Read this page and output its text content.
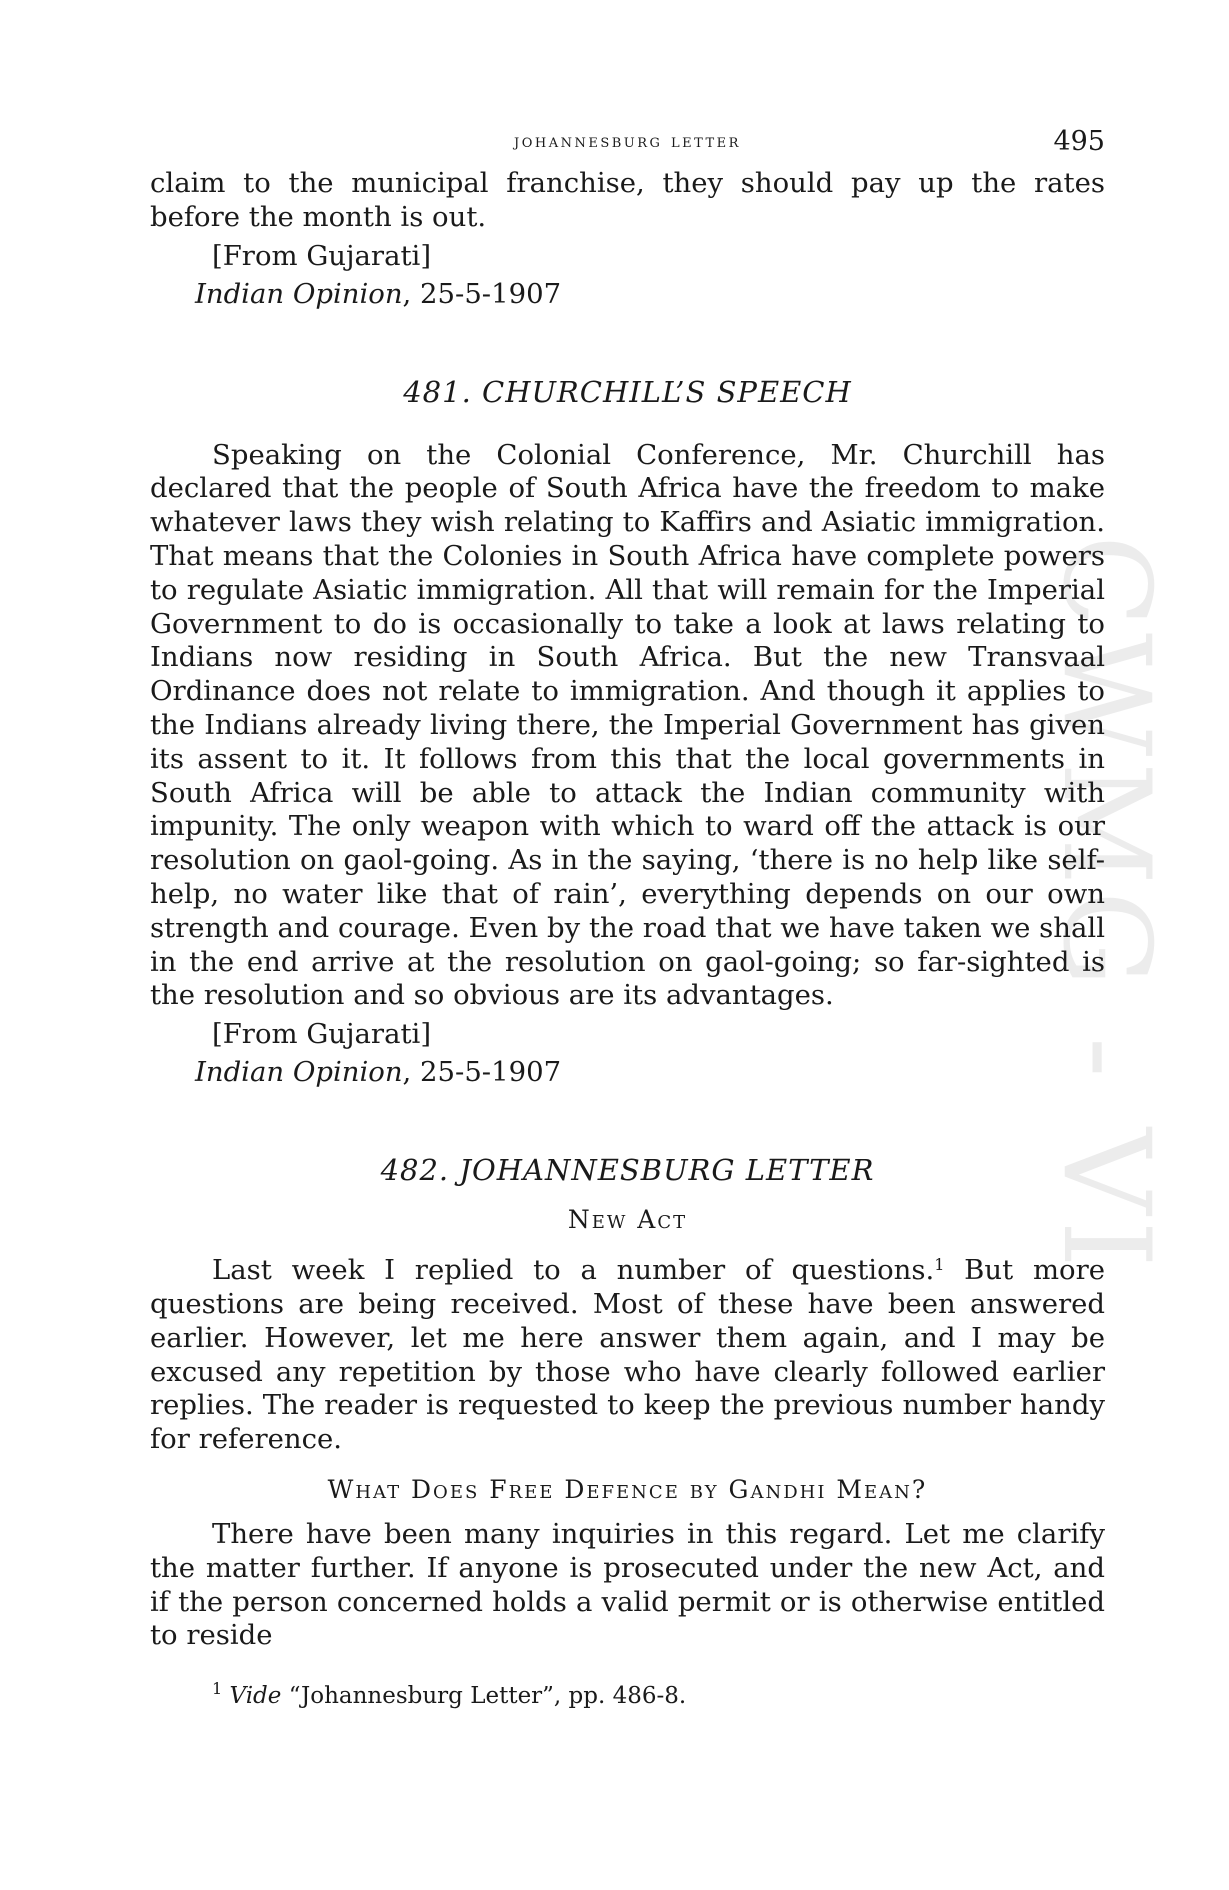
CWMG - VI
johannesburg letter	495

claim to the municipal franchise, they should pay up the rates before the month is out.

[From Gujarati]
Indian Opinion, 25-5-1907
481. CHURCHILL’S SPEECH

Speaking on the Colonial Conference, Mr. Churchill has declared that the people of South Africa have the freedom to make whatever laws they wish relating to Kaffirs and Asiatic immigration. That means that the Colonies in South Africa have complete powers to regulate Asiatic immigration. All that will remain for the Imperial Government to do is occasionally to take a look at laws relating to Indians now residing in South Africa. But the new Transvaal Ordinance does not relate to immigration. And though it applies to the Indians already living there, the Imperial Government has given its assent to it. It follows from this that the local governments in South Africa will be able to attack the Indian community with impunity. The only weapon with which to ward off the attack is our resolution on gaol-going. As in the saying, ‘there is no help like self-help, no water like that of rain’, everything depends on our own strength and courage. Even by the road that we have taken we shall in the end arrive at the resolution on gaol-going; so far-sighted is the resolution and so obvious are its advantages.

[From Gujarati]
Indian Opinion, 25-5-1907
482. JOHANNESBURG LETTER
New Act

Last week I replied to a number of questions.$^1$ But more questions are being received. Most of these have been answered earlier. However, let me here answer them again, and I may be excused any repetition by those who have clearly followed earlier replies. The reader is requested to keep the previous number handy for reference.

What Does Free Defence by Gandhi Mean?

There have been many inquiries in this regard. Let me clarify the matter further. If anyone is prosecuted under the new Act, and if the person concerned holds a valid permit or is otherwise entitled to reside

$^1$ Vide “Johannesburg Letter”, pp. 486-8.
